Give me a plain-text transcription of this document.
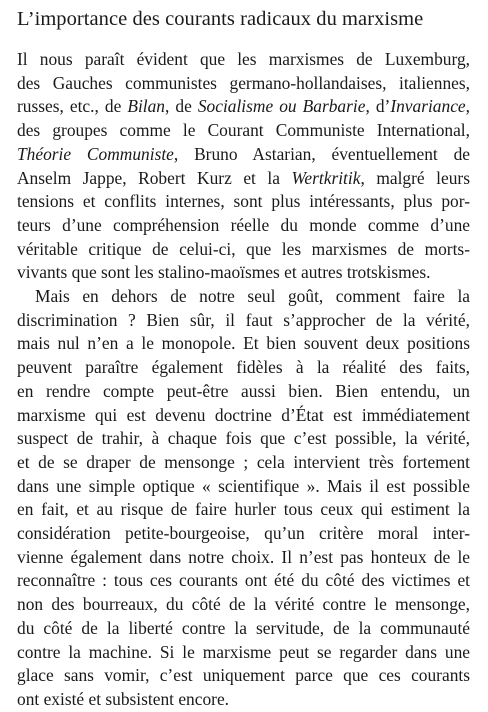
L’importance des courants radicaux du marxisme

Il nous paraît évident que les marxismes de Luxemburg,
des Gauches communistes germano-hollandaises, italiennes,
russes, etc., de Bilan, de Socialisme ou Barbarie, d’Invariance,
des groupes comme le Courant Communiste International,
Théorie Communiste, Bruno Astarian, éventuellement de
Anselm Jappe, Robert Kurz et la Wertkritik, malgré leurs
tensions et conflits internes, sont plus intéressants, plus por-
teurs d’une compréhension réelle du monde comme d’une
véritable critique de celui-ci, que les marxismes de morts-
vivants que sont les stalino-maoïsmes et autres trotskismes.

Mais en dehors de notre seul goût, comment faire la
discrimination ? Bien sûr, il faut s’approcher de la vérité,
mais nul n’en a le monopole. Et bien souvent deux positions
peuvent paraître également fidèles à la réalité des faits,
en rendre compte peut-être aussi bien. Bien entendu, un
marxisme qui est devenu doctrine d’État est immédiatement
suspect de trahir, à chaque fois que c’est possible, la vérité,
et de se draper de mensonge ; cela intervient très fortement
dans une simple optique « scientifique ». Mais il est possible
en fait, et au risque de faire hurler tous ceux qui estiment la
considération petite-bourgeoise, qu’un critère moral inter-
vienne également dans notre choix. Il n’est pas honteux de le
reconnaître : tous ces courants ont été du côté des victimes et
non des bourreaux, du côté de la vérité contre le mensonge,
du côté de la liberté contre la servitude, de la communauté
contre la machine. Si le marxisme peut se regarder dans une
glace sans vomir, c’est uniquement parce que ces courants
ont existé et subsistent encore.
